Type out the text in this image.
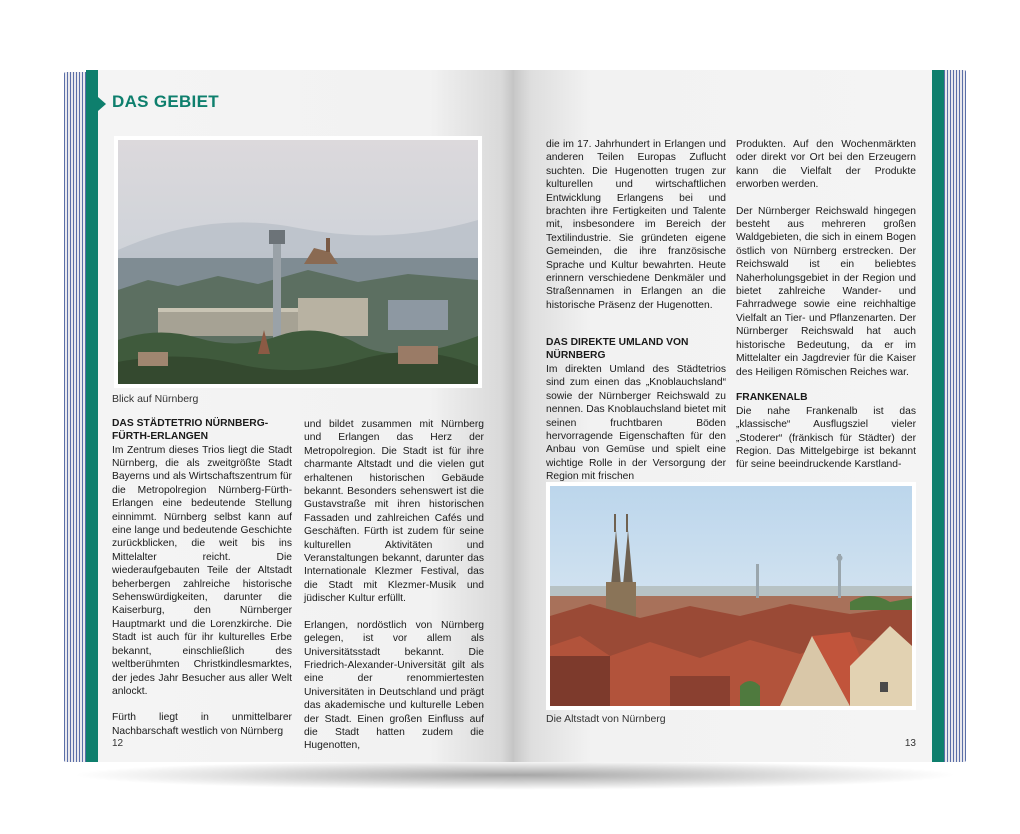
DAS GEBIET
Blick auf Nürnberg
DAS STÄDTETRIO NÜRNBERG-FÜRTH-ERLANGEN

Im Zentrum dieses Trios liegt die Stadt Nürnberg, die als zweitgrößte Stadt Bayerns und als Wirtschaftszentrum für die Metropolregion Nürnberg-Fürth-Erlangen eine bedeutende Stellung einnimmt. Nürnberg selbst kann auf eine lange und bedeutende Geschichte zurückblicken, die weit bis ins Mittelalter reicht. Die wiederaufgebauten Teile der Altstadt beherbergen zahlreiche historische Sehenswürdigkeiten, darunter die Kaiserburg, den Nürnberger Hauptmarkt und die Lorenzkirche. Die Stadt ist auch für ihr kulturelles Erbe bekannt, einschließlich des weltberühmten Christkindlesmarktes, der jedes Jahr Besucher aus aller Welt anlockt.

Fürth liegt in unmittelbarer Nachbarschaft westlich von Nürnberg

und bildet zusammen mit Nürnberg und Erlangen das Herz der Metropolregion. Die Stadt ist für ihre charmante Altstadt und die vielen gut erhaltenen historischen Gebäude bekannt. Besonders sehenswert ist die Gustavstraße mit ihren historischen Fassaden und zahlreichen Cafés und Geschäften. Fürth ist zudem für seine kulturellen Aktivitäten und Veranstaltungen bekannt, darunter das Internationale Klezmer Festival, das die Stadt mit Klezmer-Musik und jüdischer Kultur erfüllt.

Erlangen, nordöstlich von Nürnberg gelegen, ist vor allem als Universitätsstadt bekannt. Die Friedrich-Alexander-Universität gilt als eine der renommiertesten Universitäten in Deutschland und prägt das akademische und kulturelle Leben der Stadt. Einen großen Einfluss auf die Stadt hatten zudem die Hugenotten,

12

die im 17. Jahrhundert in Erlangen und anderen Teilen Europas Zuflucht suchten. Die Hugenotten trugen zur kulturellen und wirtschaftlichen Entwicklung Erlangens bei und brachten ihre Fertigkeiten und Talente mit, insbesondere im Bereich der Textilindustrie. Sie gründeten eigene Gemeinden, die ihre französische Sprache und Kultur bewahrten. Heute erinnern verschiedene Denkmäler und Straßennamen in Erlangen an die historische Präsenz der Hugenotten.

DAS DIREKTE UMLAND VON NÜRNBERG

Im direkten Umland des Städtetrios sind zum einen das „Knoblauchsland“ sowie der Nürnberger Reichswald zu nennen. Das Knoblauchsland bietet mit seinen fruchtbaren Böden hervorragende Eigenschaften für den Anbau von Gemüse und spielt eine wichtige Rolle in der Versorgung der Region mit frischen

Produkten. Auf den Wochenmärkten oder direkt vor Ort bei den Erzeugern kann die Vielfalt der Produkte erworben werden.

Der Nürnberger Reichswald hingegen besteht aus mehreren großen Waldgebieten, die sich in einem Bogen östlich von Nürnberg erstrecken. Der Reichswald ist ein beliebtes Naherholungsgebiet in der Region und bietet zahlreiche Wander- und Fahrradwege sowie eine reichhaltige Vielfalt an Tier- und Pflanzenarten. Der Nürnberger Reichswald hat auch historische Bedeutung, da er im Mittelalter ein Jagdrevier für die Kaiser des Heiligen Römischen Reiches war.

FRANKENALB

Die nahe Frankenalb ist das „klassische“ Ausflugsziel vieler „Stoderer“ (fränkisch für Städter) der Region. Das Mittelgebirge ist bekannt für seine beeindruckende Karstland-

Die Altstadt von Nürnberg
13
